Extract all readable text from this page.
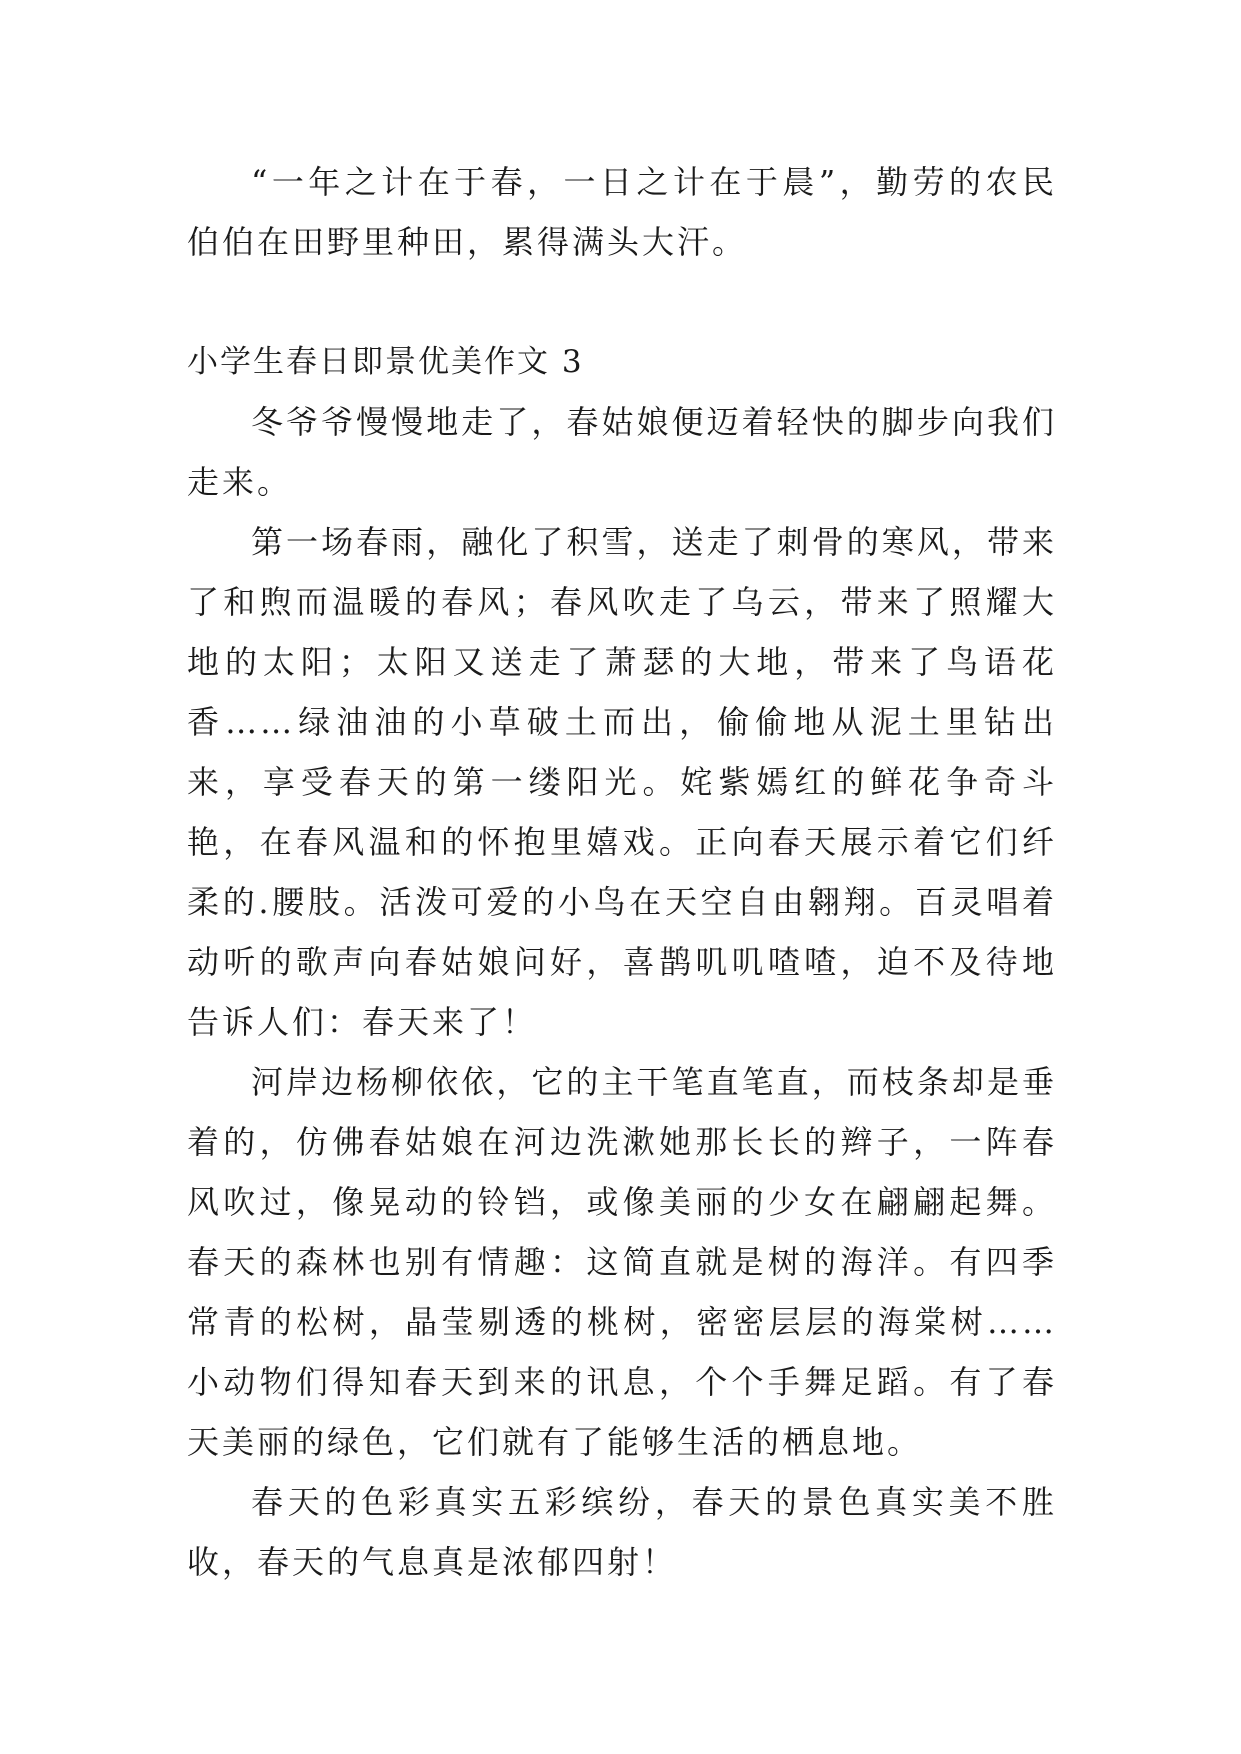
“一年之计在于春，一日之计在于晨”，勤劳的农民伯伯在田野里种田，累得满头大汗。

小学生春日即景优美作文 3

冬爷爷慢慢地走了，春姑娘便迈着轻快的脚步向我们走来。

第一场春雨，融化了积雪，送走了刺骨的寒风，带来了和煦而温暖的春风；春风吹走了乌云，带来了照耀大地的太阳；太阳又送走了萧瑟的大地，带来了鸟语花香……绿油油的小草破土而出，偷偷地从泥土里钻出来，享受春天的第一缕阳光。姹紫嫣红的鲜花争奇斗艳，在春风温和的怀抱里嬉戏。正向春天展示着它们纤柔的.腰肢。活泼可爱的小鸟在天空自由翱翔。百灵唱着动听的歌声向春姑娘问好，喜鹊叽叽喳喳，迫不及待地告诉人们：春天来了！

河岸边杨柳依依，它的主干笔直笔直，而枝条却是垂着的，仿佛春姑娘在河边洗漱她那长长的辫子，一阵春风吹过，像晃动的铃铛，或像美丽的少女在翩翩起舞。春天的森林也别有情趣：这简直就是树的海洋。有四季常青的松树，晶莹剔透的桃树，密密层层的海棠树……小动物们得知春天到来的讯息，个个手舞足蹈。有了春天美丽的绿色，它们就有了能够生活的栖息地。

春天的色彩真实五彩缤纷，春天的景色真实美不胜收，春天的气息真是浓郁四射！
